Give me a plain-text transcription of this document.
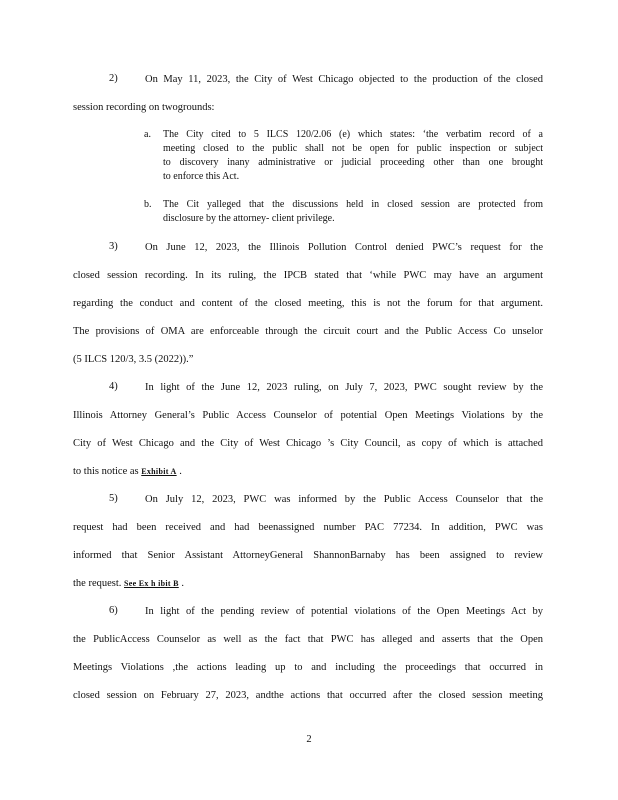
2)	On May 11, 2023, the City of West Chicago objected to the production of the closed
session recording on twogrounds:
a. The City cited to 5 ILCS 120/2.06 (e) which states: ‘the verbatim record of a
meeting closed to the public shall not be open for public inspection or subject
to discovery inany administrative or judicial proceeding other than one brought
to enforce this Act.
b. The Cit yalleged that the discussions held in closed session are protected from
disclosure by the attorney- client privilege.
3)	On June 12, 2023, the Illinois Pollution Control denied PWC’s request for the
closed session recording. In its ruling, the IPCB stated that ‘while PWC may have an argument
regarding the conduct and content of the closed meeting, this is not the forum for that argument.
The provisions of OMA are enforceable through the circuit court and the Public Access Co unselor
(5 ILCS 120/3, 3.5 (2022)).”
4)	In light of the June 12, 2023 ruling, on July 7, 2023, PWC sought review by the
Illinois Attorney General’s Public Access Counselor of potential Open Meetings Violations by the
City of West Chicago and the City of West Chicago ’s City Council, as copy of which is attached
to this notice as Exhibit A .
5)	On July 12, 2023, PWC was informed by the Public Access Counselor that the
request had been received and had beenassigned number PAC 77234. In addition, PWC was
informed that Senior Assistant AttorneyGeneral ShannonBarnaby has been assigned to review
the request. See Ex h ibit B .
6)	In light of the pending review of potential violations of the Open Meetings Act by
the PublicAccess Counselor as well as the fact that PWC has alleged and asserts that the Open
Meetings Violations ,the actions leading up to and including the proceedings that occurred in
closed session on February 27, 2023, andthe actions that occurred after the closed session meeting
2
